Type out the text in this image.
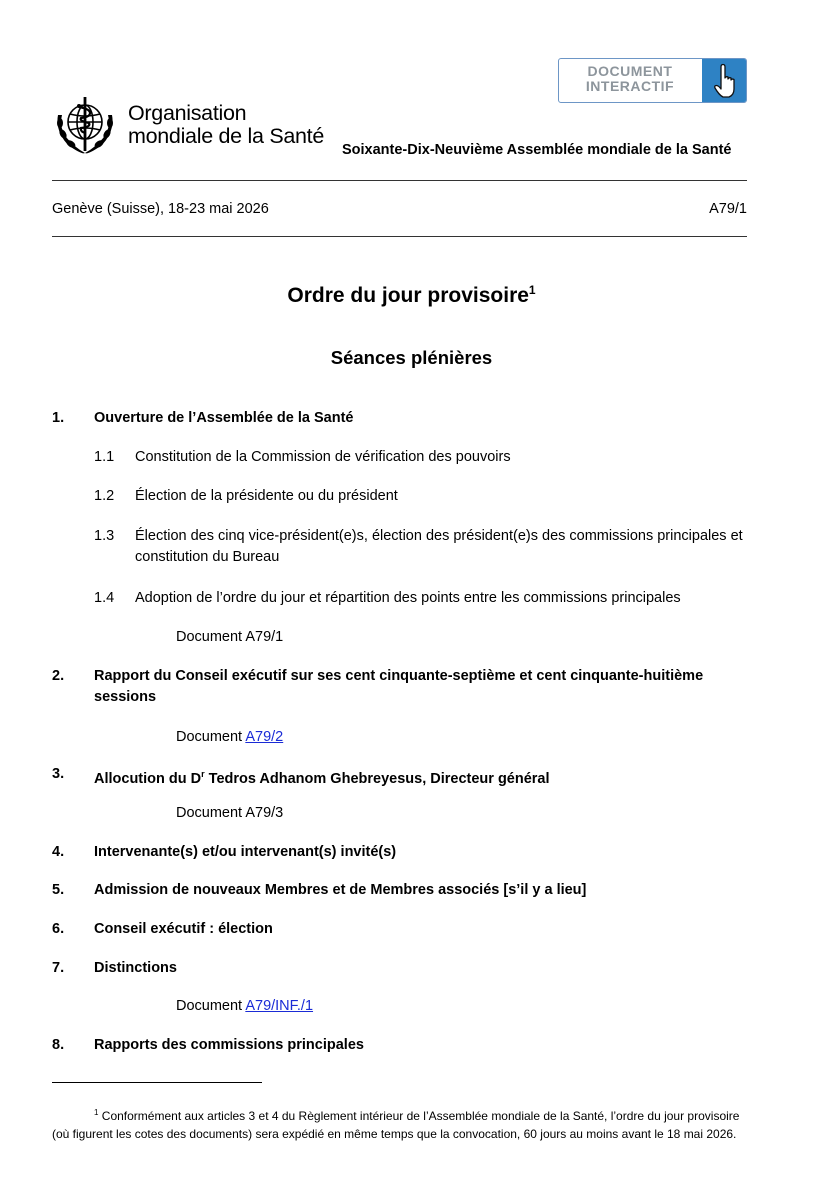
DOCUMENT
INTERACTIF
Organisation
mondiale de la Santé
Soixante-Dix-Neuvième Assemblée mondiale de la Santé
Genève (Suisse), 18-23 mai 2026	A79/1
Ordre du jour provisoire$^1$
Séances plénières
1. Ouverture de l’Assemblée de la Santé
1.1 Constitution de la Commission de vérification des pouvoirs
1.2 Élection de la présidente ou du président
1.3 Élection des cinq vice-président(e)s, élection des président(e)s des commissions principales et constitution du Bureau
1.4 Adoption de l’ordre du jour et répartition des points entre les commissions principales
Document A79/1
2. Rapport du Conseil exécutif sur ses cent cinquante-septième et cent cinquante-huitième sessions
Document A79/2
3. Allocution du $D^r$ Tedros Adhanom Ghebreyesus, Directeur général
Document A79/3
4. Intervenante(s) et/ou intervenant(s) invité(s)
5. Admission de nouveaux Membres et de Membres associés [s’il y a lieu]
6. Conseil exécutif : élection
7. Distinctions
Document A79/INF./1
8. Rapports des commissions principales
$^1$ Conformément aux articles 3 et 4 du Règlement intérieur de l’Assemblée mondiale de la Santé, l’ordre du jour provisoire (où figurent les cotes des documents) sera expédié en même temps que la convocation, 60 jours au moins avant le 18 mai 2026.
